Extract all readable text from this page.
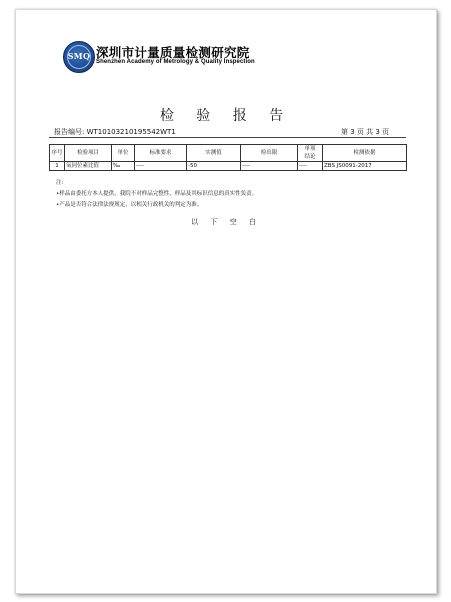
SMQ 深圳市计量质量检测研究院
Shenzhen Academy of Metrology & Quality Inspection
检 验 报 告
报告编号: WT10103210195542WT1	第 3 页 共 3 页
序号	检验项目	单位	标准要求	实测值	检出限	单项结论	检测依据
1	氧同位素比值	‰	----	-50	----	----	ZBS JS0091-2017
注:
•样品由委托方本人提供，我院不对样品完整性、样品及其标识信息的真实性负责。
•产品是否符合法律法规规定，以相关行政机关的判定为准。
以 下 空 白
